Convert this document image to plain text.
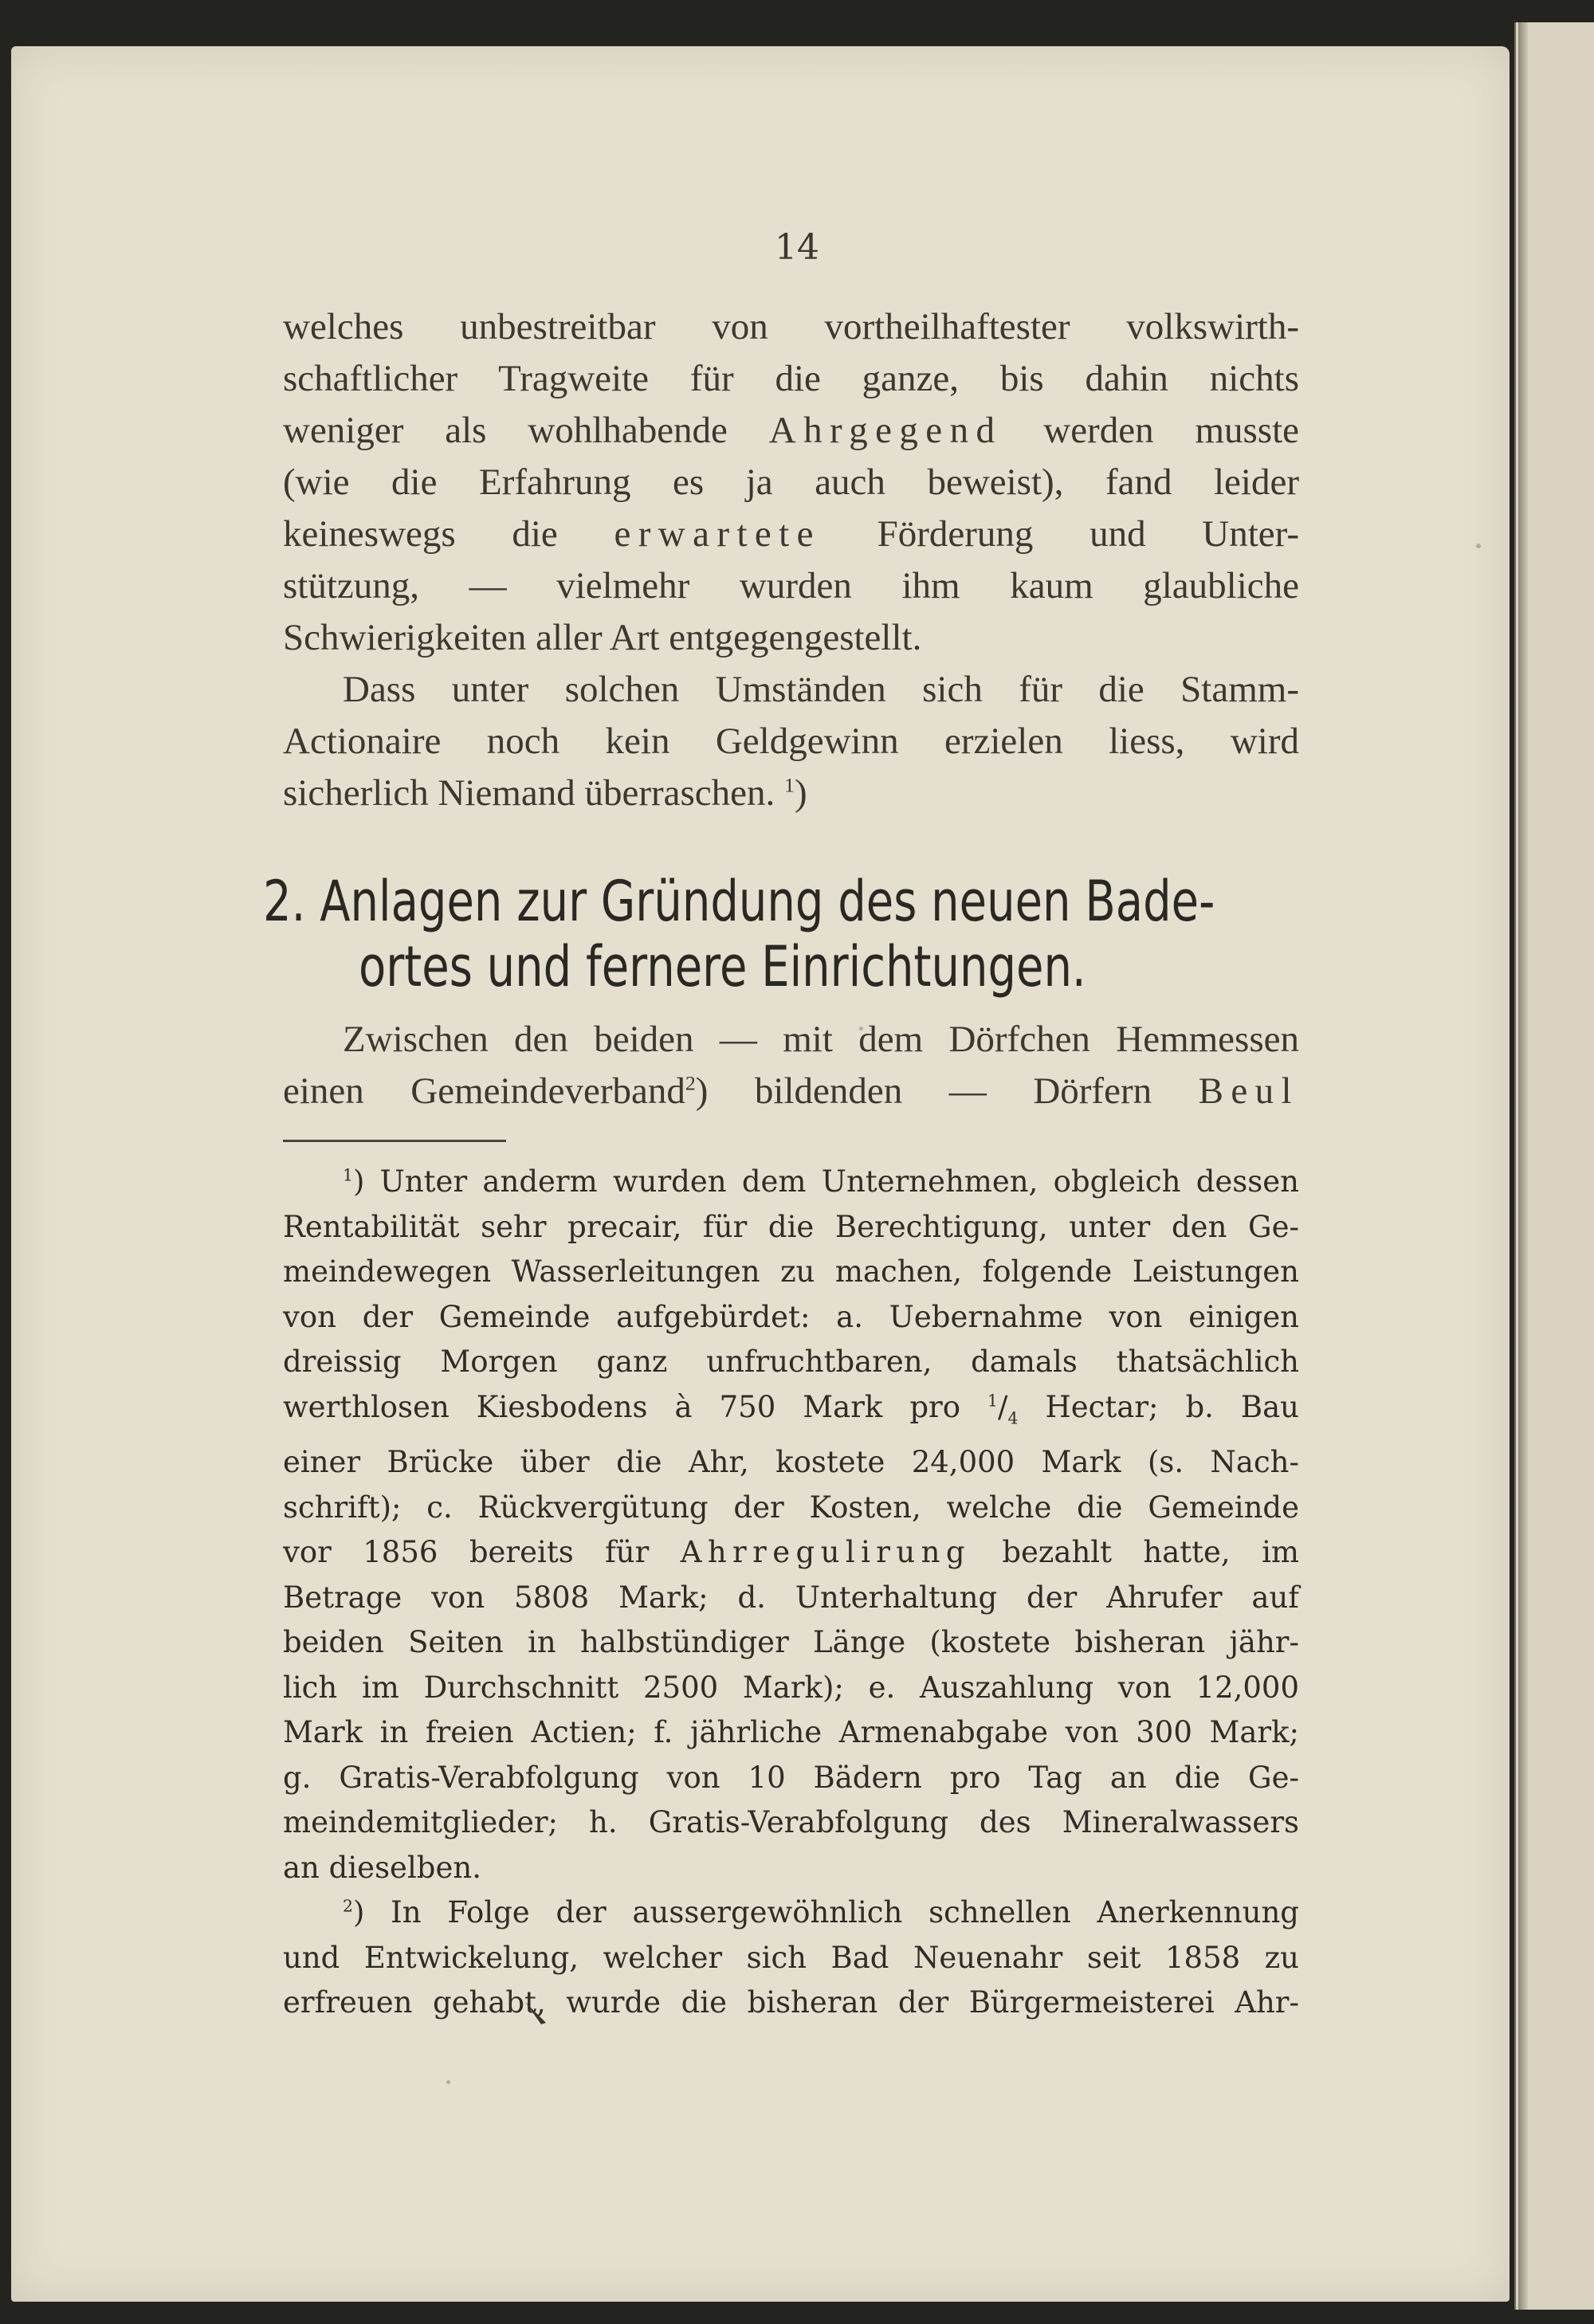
14
welches unbestreitbar von vortheilhaftester volkswirth-
schaftlicher Tragweite für die ganze, bis dahin nichts
weniger als wohlhabende Ahrgegend werden musste
(wie die Erfahrung es ja auch beweist), fand leider
keineswegs die erwartete Förderung und Unter-
stützung, — vielmehr wurden ihm kaum glaubliche
Schwierigkeiten aller Art entgegengestellt.
Dass unter solchen Umständen sich für die Stamm-
Actionaire noch kein Geldgewinn erzielen liess, wird
sicherlich Niemand überraschen. $^1$)
2. Anlagen zur Gründung des neuen Bade-
ortes und fernere Einrichtungen.
Zwischen den beiden — mit dem Dörfchen Hemmessen
einen Gemeindeverband$^2$) bildenden — Dörfern Beul
$^1$) Unter anderm wurden dem Unternehmen, obgleich dessen
Rentabilität sehr precair, für die Berechtigung, unter den Ge-
meindewegen Wasserleitungen zu machen, folgende Leistungen
von der Gemeinde aufgebürdet: a. Uebernahme von einigen
dreissig Morgen ganz unfruchtbaren, damals thatsächlich
werthlosen Kiesbodens à 750 Mark pro $^1/_4$ Hectar; b. Bau
einer Brücke über die Ahr, kostete 24,000 Mark (s. Nach-
schrift); c. Rückvergütung der Kosten, welche die Gemeinde
vor 1856 bereits für Ahrregulirung bezahlt hatte, im
Betrage von 5808 Mark; d. Unterhaltung der Ahrufer auf
beiden Seiten in halbstündiger Länge (kostete bisheran jähr-
lich im Durchschnitt 2500 Mark); e. Auszahlung von 12,000
Mark in freien Actien; f. jährliche Armenabgabe von 300 Mark;
g. Gratis-Verabfolgung von 10 Bädern pro Tag an die Ge-
meindemitglieder; h. Gratis-Verabfolgung des Mineralwassers
an dieselben.
$^2$) In Folge der aussergewöhnlich schnellen Anerkennung
und Entwickelung, welcher sich Bad Neuenahr seit 1858 zu
erfreuen gehabt, wurde die bisheran der Bürgermeisterei Ahr-
